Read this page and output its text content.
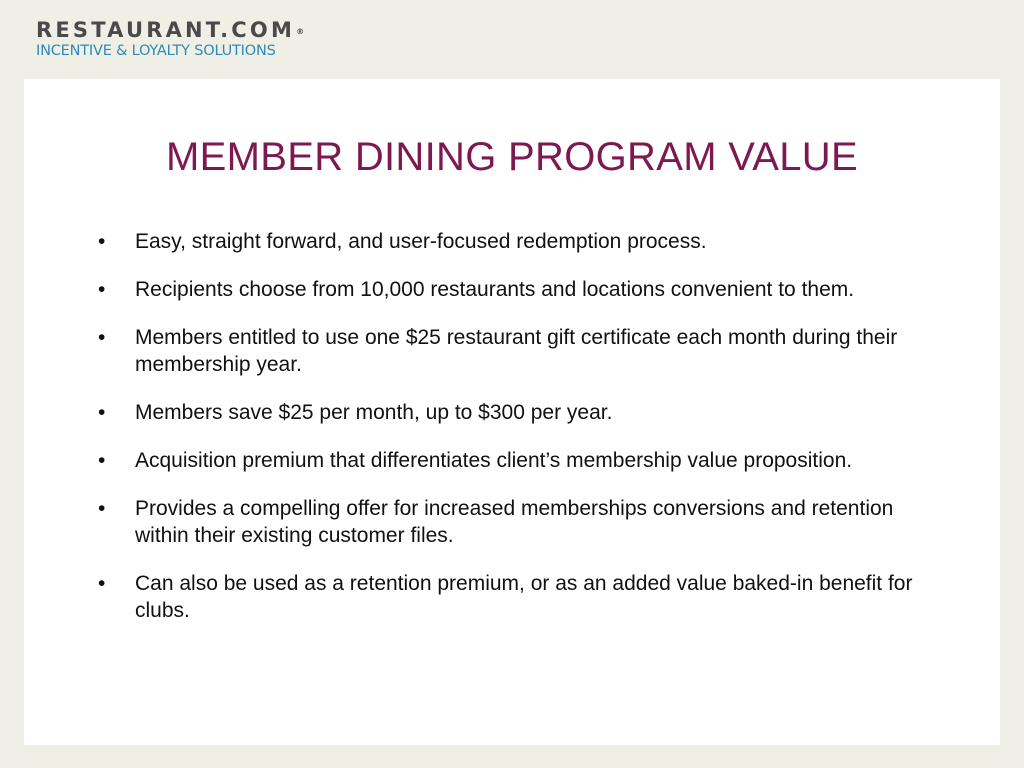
RESTAURANT.COM®
INCENTIVE & LOYALTY SOLUTIONS
MEMBER DINING PROGRAM VALUE
• Easy, straight forward, and user-focused redemption process.
• Recipients choose from 10,000 restaurants and locations convenient to them.
• Members entitled to use one $25 restaurant gift certificate each month during their membership year.
• Members save $25 per month, up to $300 per year.
• Acquisition premium that differentiates client’s membership value proposition.
• Provides a compelling offer for increased memberships conversions and retention within their existing customer files.
• Can also be used as a retention premium, or as an added value baked-in benefit for clubs.
